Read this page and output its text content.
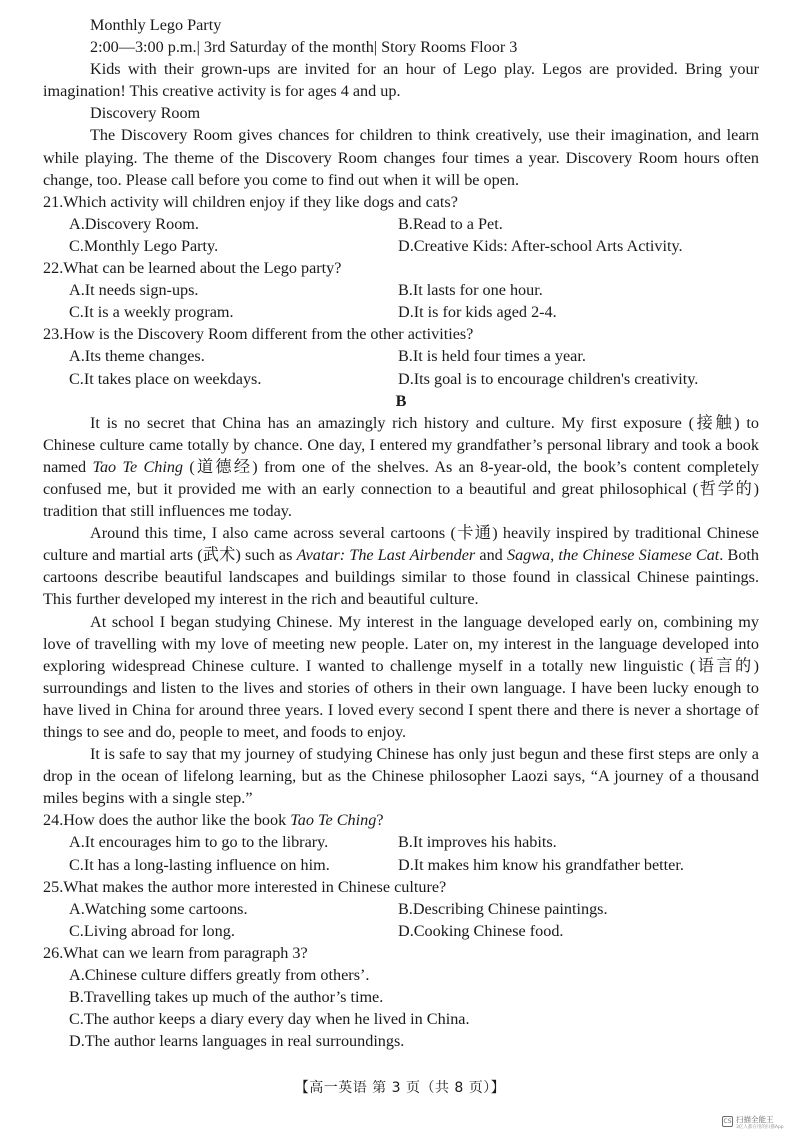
Monthly Lego Party

2:00—3:00 p.m.| 3rd Saturday of the month| Story Rooms Floor 3

Kids with their grown-ups are invited for an hour of Lego play. Legos are provided. Bring your imagination! This creative activity is for ages 4 and up.

Discovery Room

The Discovery Room gives chances for children to think creatively, use their imagination, and learn while playing. The theme of the Discovery Room changes four times a year. Discovery Room hours often change, too. Please call before you come to find out when it will be open.

21.Which activity will children enjoy if they like dogs and cats?

A.Discovery Room.	B.Read to a Pet.
C.Monthly Lego Party.	D.Creative Kids: After-school Arts Activity.

22.What can be learned about the Lego party?

A.It needs sign-ups.	B.It lasts for one hour.
C.It is a weekly program.	D.It is for kids aged 2-4.

23.How is the Discovery Room different from the other activities?

A.Its theme changes.	B.It is held four times a year.
C.It takes place on weekdays.	D.Its goal is to encourage children's creativity.

B

It is no secret that China has an amazingly rich history and culture. My first exposure (接触) to Chinese culture came totally by chance. One day, I entered my grandfather’s personal library and took a book named Tao Te Ching (道德经) from one of the shelves. As an 8-year-old, the book’s content completely confused me, but it provided me with an early connection to a beautiful and great philosophical (哲学的) tradition that still influences me today.

Around this time, I also came across several cartoons (卡通) heavily inspired by traditional Chinese culture and martial arts (武术) such as Avatar: The Last Airbender and Sagwa, the Chinese Siamese Cat. Both cartoons describe beautiful landscapes and buildings similar to those found in classical Chinese paintings. This further developed my interest in the rich and beautiful culture.

At school I began studying Chinese. My interest in the language developed early on, combining my love of travelling with my love of meeting new people. Later on, my interest in the language developed into exploring widespread Chinese culture. I wanted to challenge myself in a totally new linguistic (语言的) surroundings and listen to the lives and stories of others in their own language. I have been lucky enough to have lived in China for around three years. I loved every second I spent there and there is never a shortage of things to see and do, people to meet, and foods to enjoy.

It is safe to say that my journey of studying Chinese has only just begun and these first steps are only a drop in the ocean of lifelong learning, but as the Chinese philosopher Laozi says, “A journey of a thousand miles begins with a single step.”

24.How does the author like the book Tao Te Ching?

A.It encourages him to go to the library.	B.It improves his habits.
C.It has a long-lasting influence on him.	D.It makes him know his grandfather better.

25.What makes the author more interested in Chinese culture?

A.Watching some cartoons.	B.Describing Chinese paintings.
C.Living abroad for long.	D.Cooking Chinese food.

26.What can we learn from paragraph 3?

A.Chinese culture differs greatly from others’.
B.Travelling takes up much of the author’s time.
C.The author keeps a diary every day when he lived in China.
D.The author learns languages in real surroundings.
【高一英语 第 3 页（共 8 页）】
CS 扫描全能王
3亿人都在用的扫描App
